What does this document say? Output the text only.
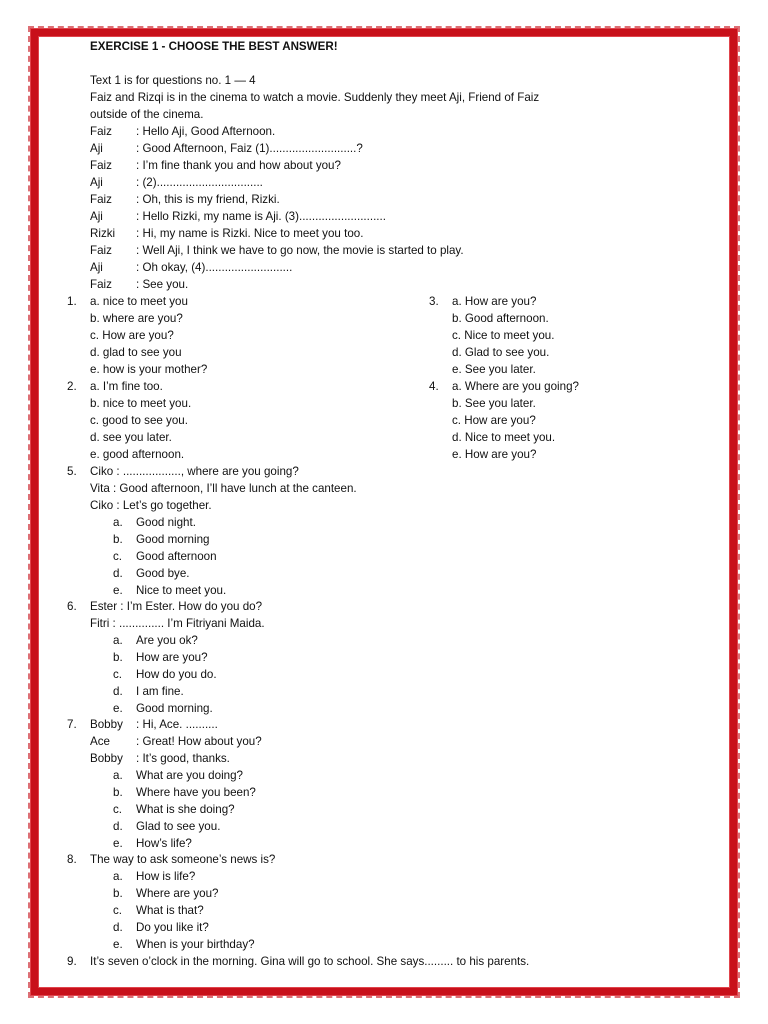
EXERCISE 1 - CHOOSE THE BEST ANSWER!
Text 1 is for questions no. 1 — 4
Faiz and Rizqi is in the cinema to watch a movie. Suddenly they meet Aji, Friend of Faiz
outside of the cinema.
Faiz : Hello Aji, Good Afternoon.
Aji	: Good Afternoon, Faiz (1)...........................?
Faiz : I’m fine thank you and how about you?
Aji	: (2).................................
Faiz : Oh, this is my friend, Rizki.
Aji	: Hello Rizki, my name is Aji. (3)...........................
Rizki : Hi, my name is Rizki. Nice to meet you too.
Faiz : Well Aji, I think we have to go now, the movie is started to play.
Aji	: Oh okay, (4)...........................
Faiz : See you.
1. a. nice to meet you
b. where are you?
c. How are you?
d. glad to see you
e. how is your mother?
3. a. How are you?
b. Good afternoon.
c. Nice to meet you.
d. Glad to see you.
e. See you later.
2. a. I’m fine too.
b. nice to meet you.
c. good to see you.
d. see you later.
e. good afternoon.
4. a. Where are you going?
b. See you later.
c. How are you?
d. Nice to meet you.
e. How are you?
5. Ciko : .................., where are you going?
Vita : Good afternoon, I’ll have lunch at the canteen.
Ciko : Let’s go together.
a. Good night.
b. Good morning
c. Good afternoon
d. Good bye.
e. Nice to meet you.
6. Ester : I’m Ester. How do you do?
Fitri : .............. I’m Fitriyani Maida.
a. Are you ok?
b. How are you?
c. How do you do.
d. I am fine.
e. Good morning.
7. Bobby : Hi, Ace. ..........
Ace : Great! How about you?
Bobby : It’s good, thanks.
a. What are you doing?
b. Where have you been?
c. What is she doing?
d. Glad to see you.
e. How’s life?
8. The way to ask someone’s news is?
a. How is life?
b. Where are you?
c. What is that?
d. Do you like it?
e. When is your birthday?
9. It’s seven o’clock in the morning. Gina will go to school. She says......... to his parents.
